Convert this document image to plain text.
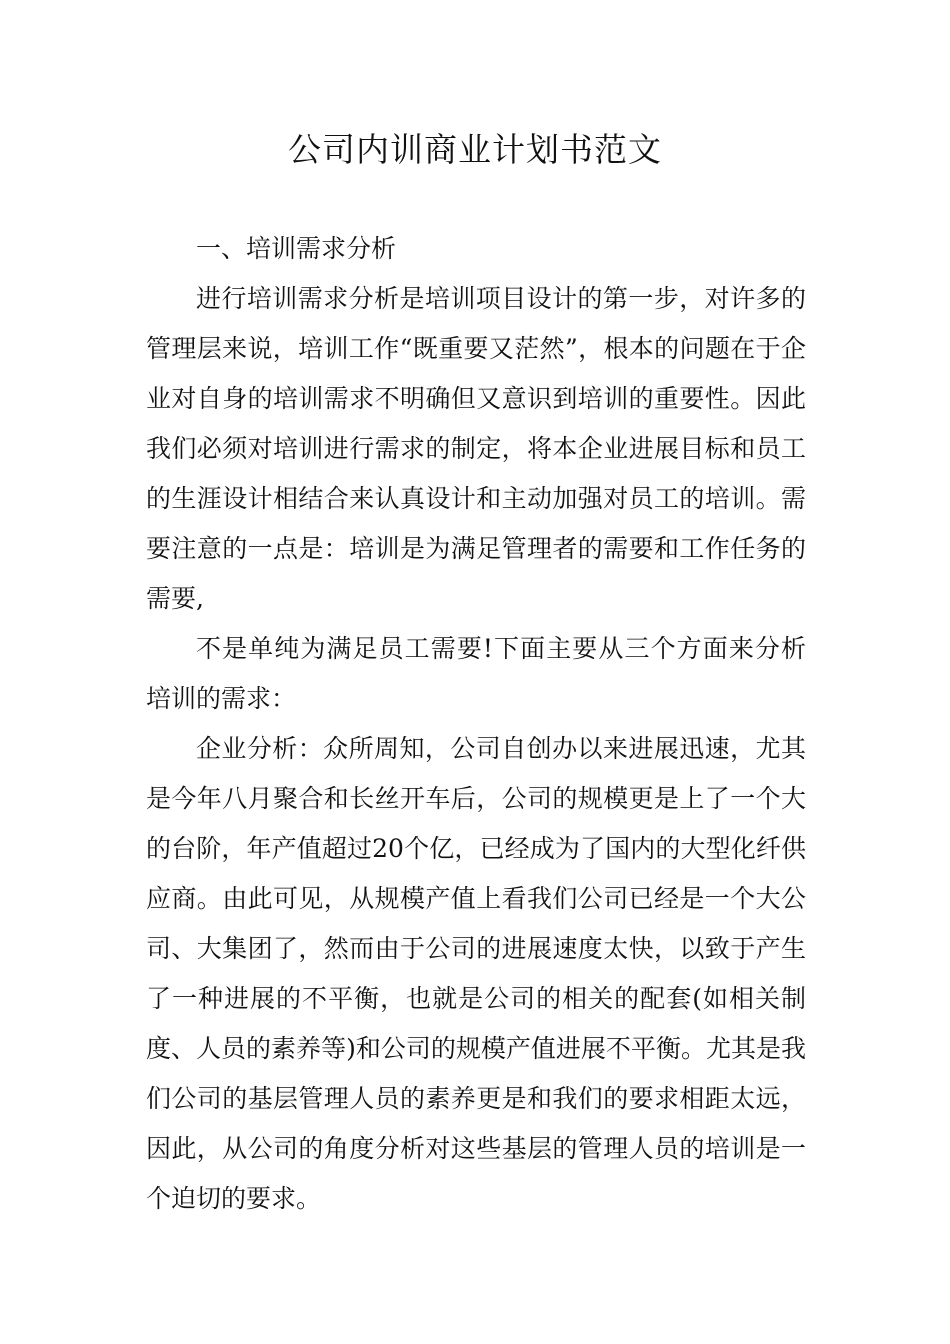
公司内训商业计划书范文

一、培训需求分析

进行培训需求分析是培训项目设计的第一步，对许多的管理层来说，培训工作“既重要又茫然”，根本的问题在于企业对自身的培训需求不明确但又意识到培训的重要性。因此我们必须对培训进行需求的制定，将本企业进展目标和员工的生涯设计相结合来认真设计和主动加强对员工的培训。需要注意的一点是：培训是为满足管理者的需要和工作任务的需要,

不是单纯为满足员工需要!下面主要从三个方面来分析培训的需求：

企业分析：众所周知，公司自创办以来进展迅速，尤其是今年八月聚合和长丝开车后，公司的规模更是上了一个大的台阶，年产值超过20个亿，已经成为了国内的大型化纤供应商。由此可见，从规模产值上看我们公司已经是一个大公司、大集团了，然而由于公司的进展速度太快，以致于产生了一种进展的不平衡，也就是公司的相关的配套(如相关制度、人员的素养等)和公司的规模产值进展不平衡。尤其是我们公司的基层管理人员的素养更是和我们的要求相距太远，因此，从公司的角度分析对这些基层的管理人员的培训是一个迫切的要求。
